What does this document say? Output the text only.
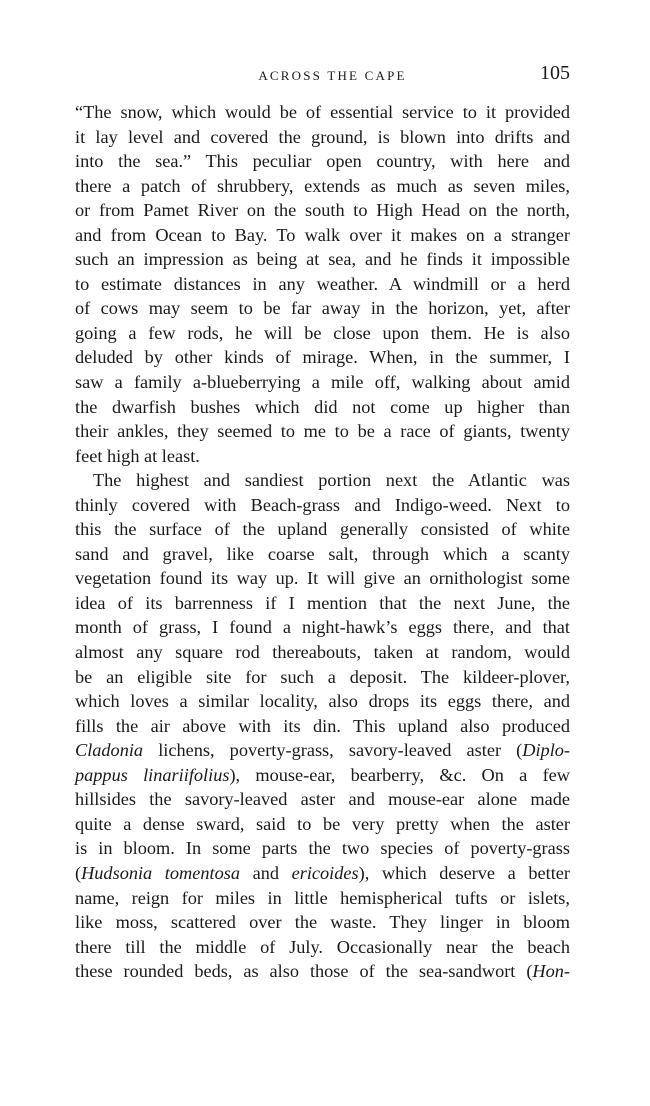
ACROSS THE CAPE	105
“The snow, which would be of essential service to it provided
it lay level and covered the ground, is blown into drifts and
into the sea.” This peculiar open country, with here and
there a patch of shrubbery, extends as much as seven miles,
or from Pamet River on the south to High Head on the north,
and from Ocean to Bay. To walk over it makes on a stranger
such an impression as being at sea, and he finds it impossible
to estimate distances in any weather. A windmill or a herd
of cows may seem to be far away in the horizon, yet, after
going a few rods, he will be close upon them. He is also
deluded by other kinds of mirage. When, in the summer, I
saw a family a-blueberrying a mile off, walking about amid
the dwarfish bushes which did not come up higher than
their ankles, they seemed to me to be a race of giants, twenty
feet high at least.
The highest and sandiest portion next the Atlantic was
thinly covered with Beach-grass and Indigo-weed. Next to
this the surface of the upland generally consisted of white
sand and gravel, like coarse salt, through which a scanty
vegetation found its way up. It will give an ornithologist some
idea of its barrenness if I mention that the next June, the
month of grass, I found a night-hawk’s eggs there, and that
almost any square rod thereabouts, taken at random, would
be an eligible site for such a deposit. The kildeer-plover,
which loves a similar locality, also drops its eggs there, and
fills the air above with its din. This upland also produced
Cladonia lichens, poverty-grass, savory-leaved aster (Diplo-
pappus linariifolius), mouse-ear, bearberry, &c. On a few
hillsides the savory-leaved aster and mouse-ear alone made
quite a dense sward, said to be very pretty when the aster
is in bloom. In some parts the two species of poverty-grass
(Hudsonia tomentosa and ericoides), which deserve a better
name, reign for miles in little hemispherical tufts or islets,
like moss, scattered over the waste. They linger in bloom
there till the middle of July. Occasionally near the beach
these rounded beds, as also those of the sea-sandwort (Hon-
